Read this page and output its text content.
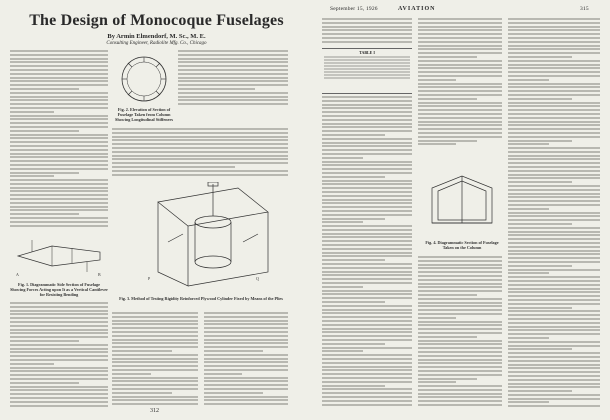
September 15, 1926	AVIATION	315
The Design of Monocoque Fuselages
By Armin Elmendorf, M. Sc., M. E.
Consulting Engineer, Radiolite Mfg. Co., Chicago
A	B
Fig. 1. Diagrammatic Side Section of Fuselage Showing Forces Acting upon It as a Vertical Cantilever for Resisting Bending
Fig. 2. Elevation of Section of Fuselage Taken from Column Showing Longitudinal Stiffeners
P	Q
Fig. 3. Method of Testing Rigidity Reinforced Plywood Cylinder Fixed by Means of the Plies
TABLE I
Fig. 4. Diagrammatic Section of Fuselage Taken on the Column
312
